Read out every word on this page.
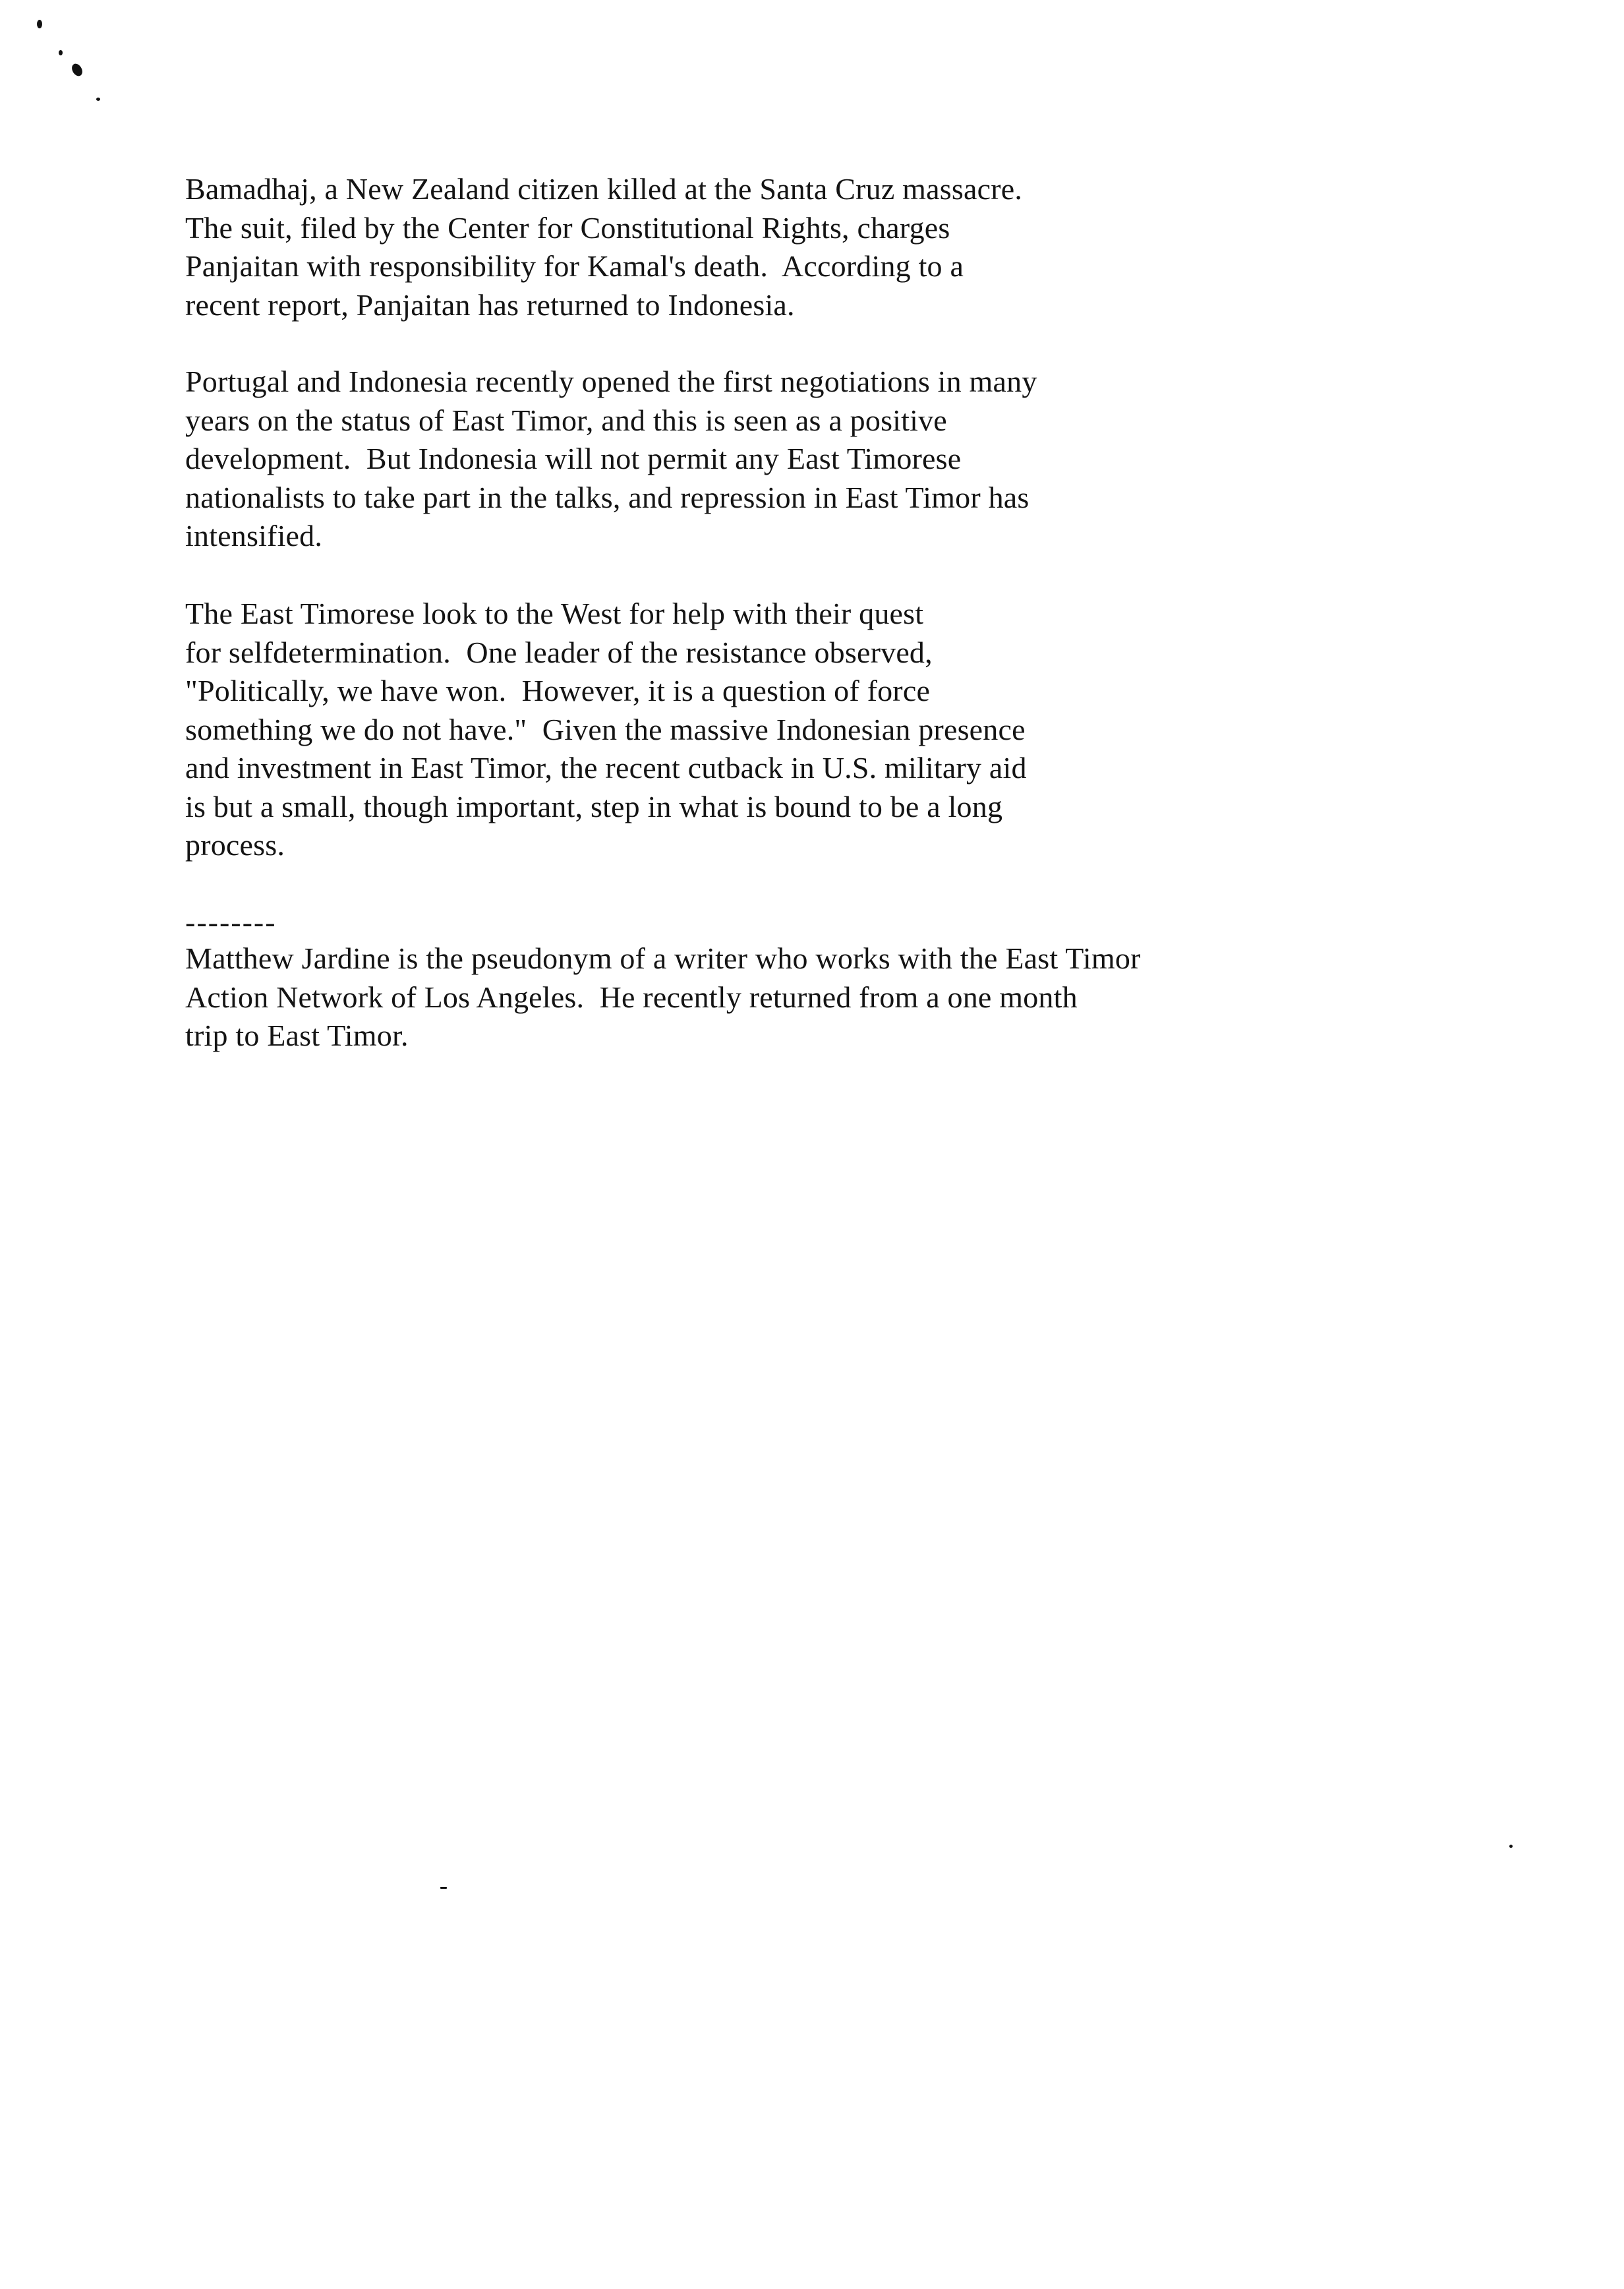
Bamadhaj, a New Zealand citizen killed at the Santa Cruz massacre.
The suit, filed by the Center for Constitutional Rights, charges
Panjaitan with responsibility for Kamal's death.  According to a
recent report, Panjaitan has returned to Indonesia.
Portugal and Indonesia recently opened the first negotiations in many
years on the status of East Timor, and this is seen as a positive
development.  But Indonesia will not permit any East Timorese
nationalists to take part in the talks, and repression in East Timor has
intensified.
The East Timorese look to the West for help with their quest
for selfdetermination.  One leader of the resistance observed,
"Politically, we have won.  However, it is a question of force
something we do not have."  Given the massive Indonesian presence
and investment in East Timor, the recent cutback in U.S. military aid
is but a small, though important, step in what is bound to be a long
process.
--------
Matthew Jardine is the pseudonym of a writer who works with the East Timor
Action Network of Los Angeles.  He recently returned from a one month
trip to East Timor.
